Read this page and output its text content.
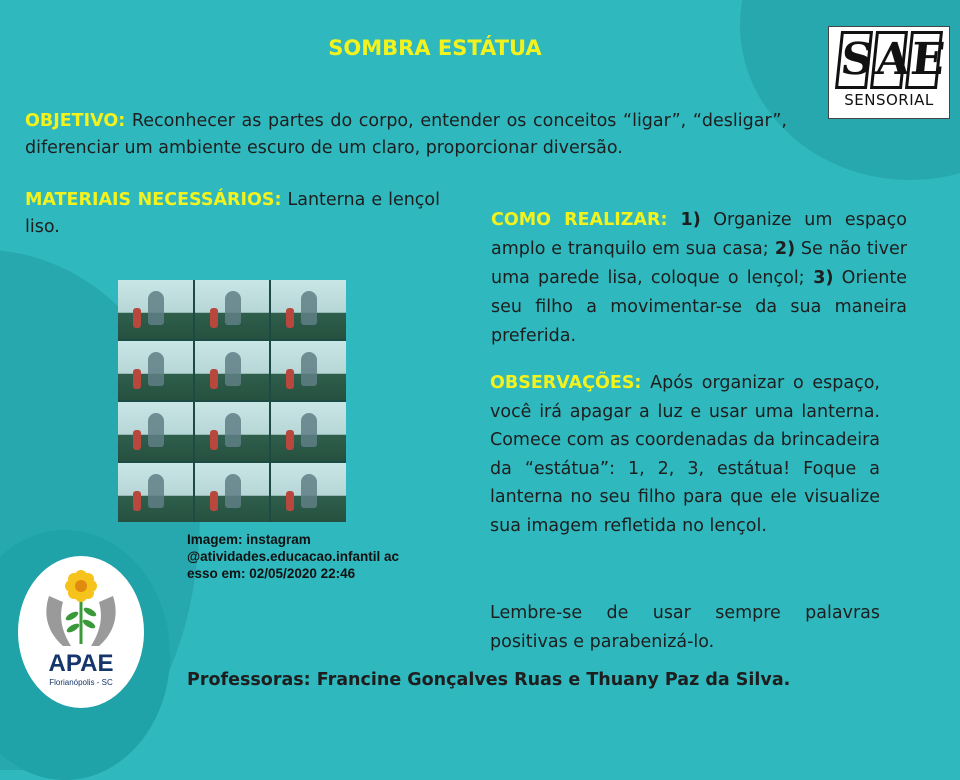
SOMBRA ESTÁTUA	S
A
E
SENSORIAL
OBJETIVO: Reconhecer as partes do corpo, entender os conceitos “ligar”, “desligar”, diferenciar um ambiente escuro de um claro, proporcionar diversão.
MATERIAIS NECESSÁRIOS: Lanterna e lençol liso.	COMO REALIZAR: 1) Organize um espaço amplo e tranquilo em sua casa; 2) Se não tiver uma parede lisa, coloque o lençol; 3) Oriente seu filho a movimentar-se da sua maneira preferida.
OBSERVAÇÕES: Após organizar o espaço, você irá apagar a luz e usar uma lanterna. Comece com as coordenadas da brincadeira da “estátua”: 1, 2, 3, estátua! Foque a lanterna no seu filho para que ele visualize sua imagem refletida no lençol.
Lembre-se de usar sempre palavras positivas e parabenizá-lo.
Imagem: instagram
@atividades.educacao.infantil acesso em: 02/05/2020 22:46
APAE
Florianópolis - SC	Professoras: Francine Gonçalves Ruas e Thuany Paz da Silva.
